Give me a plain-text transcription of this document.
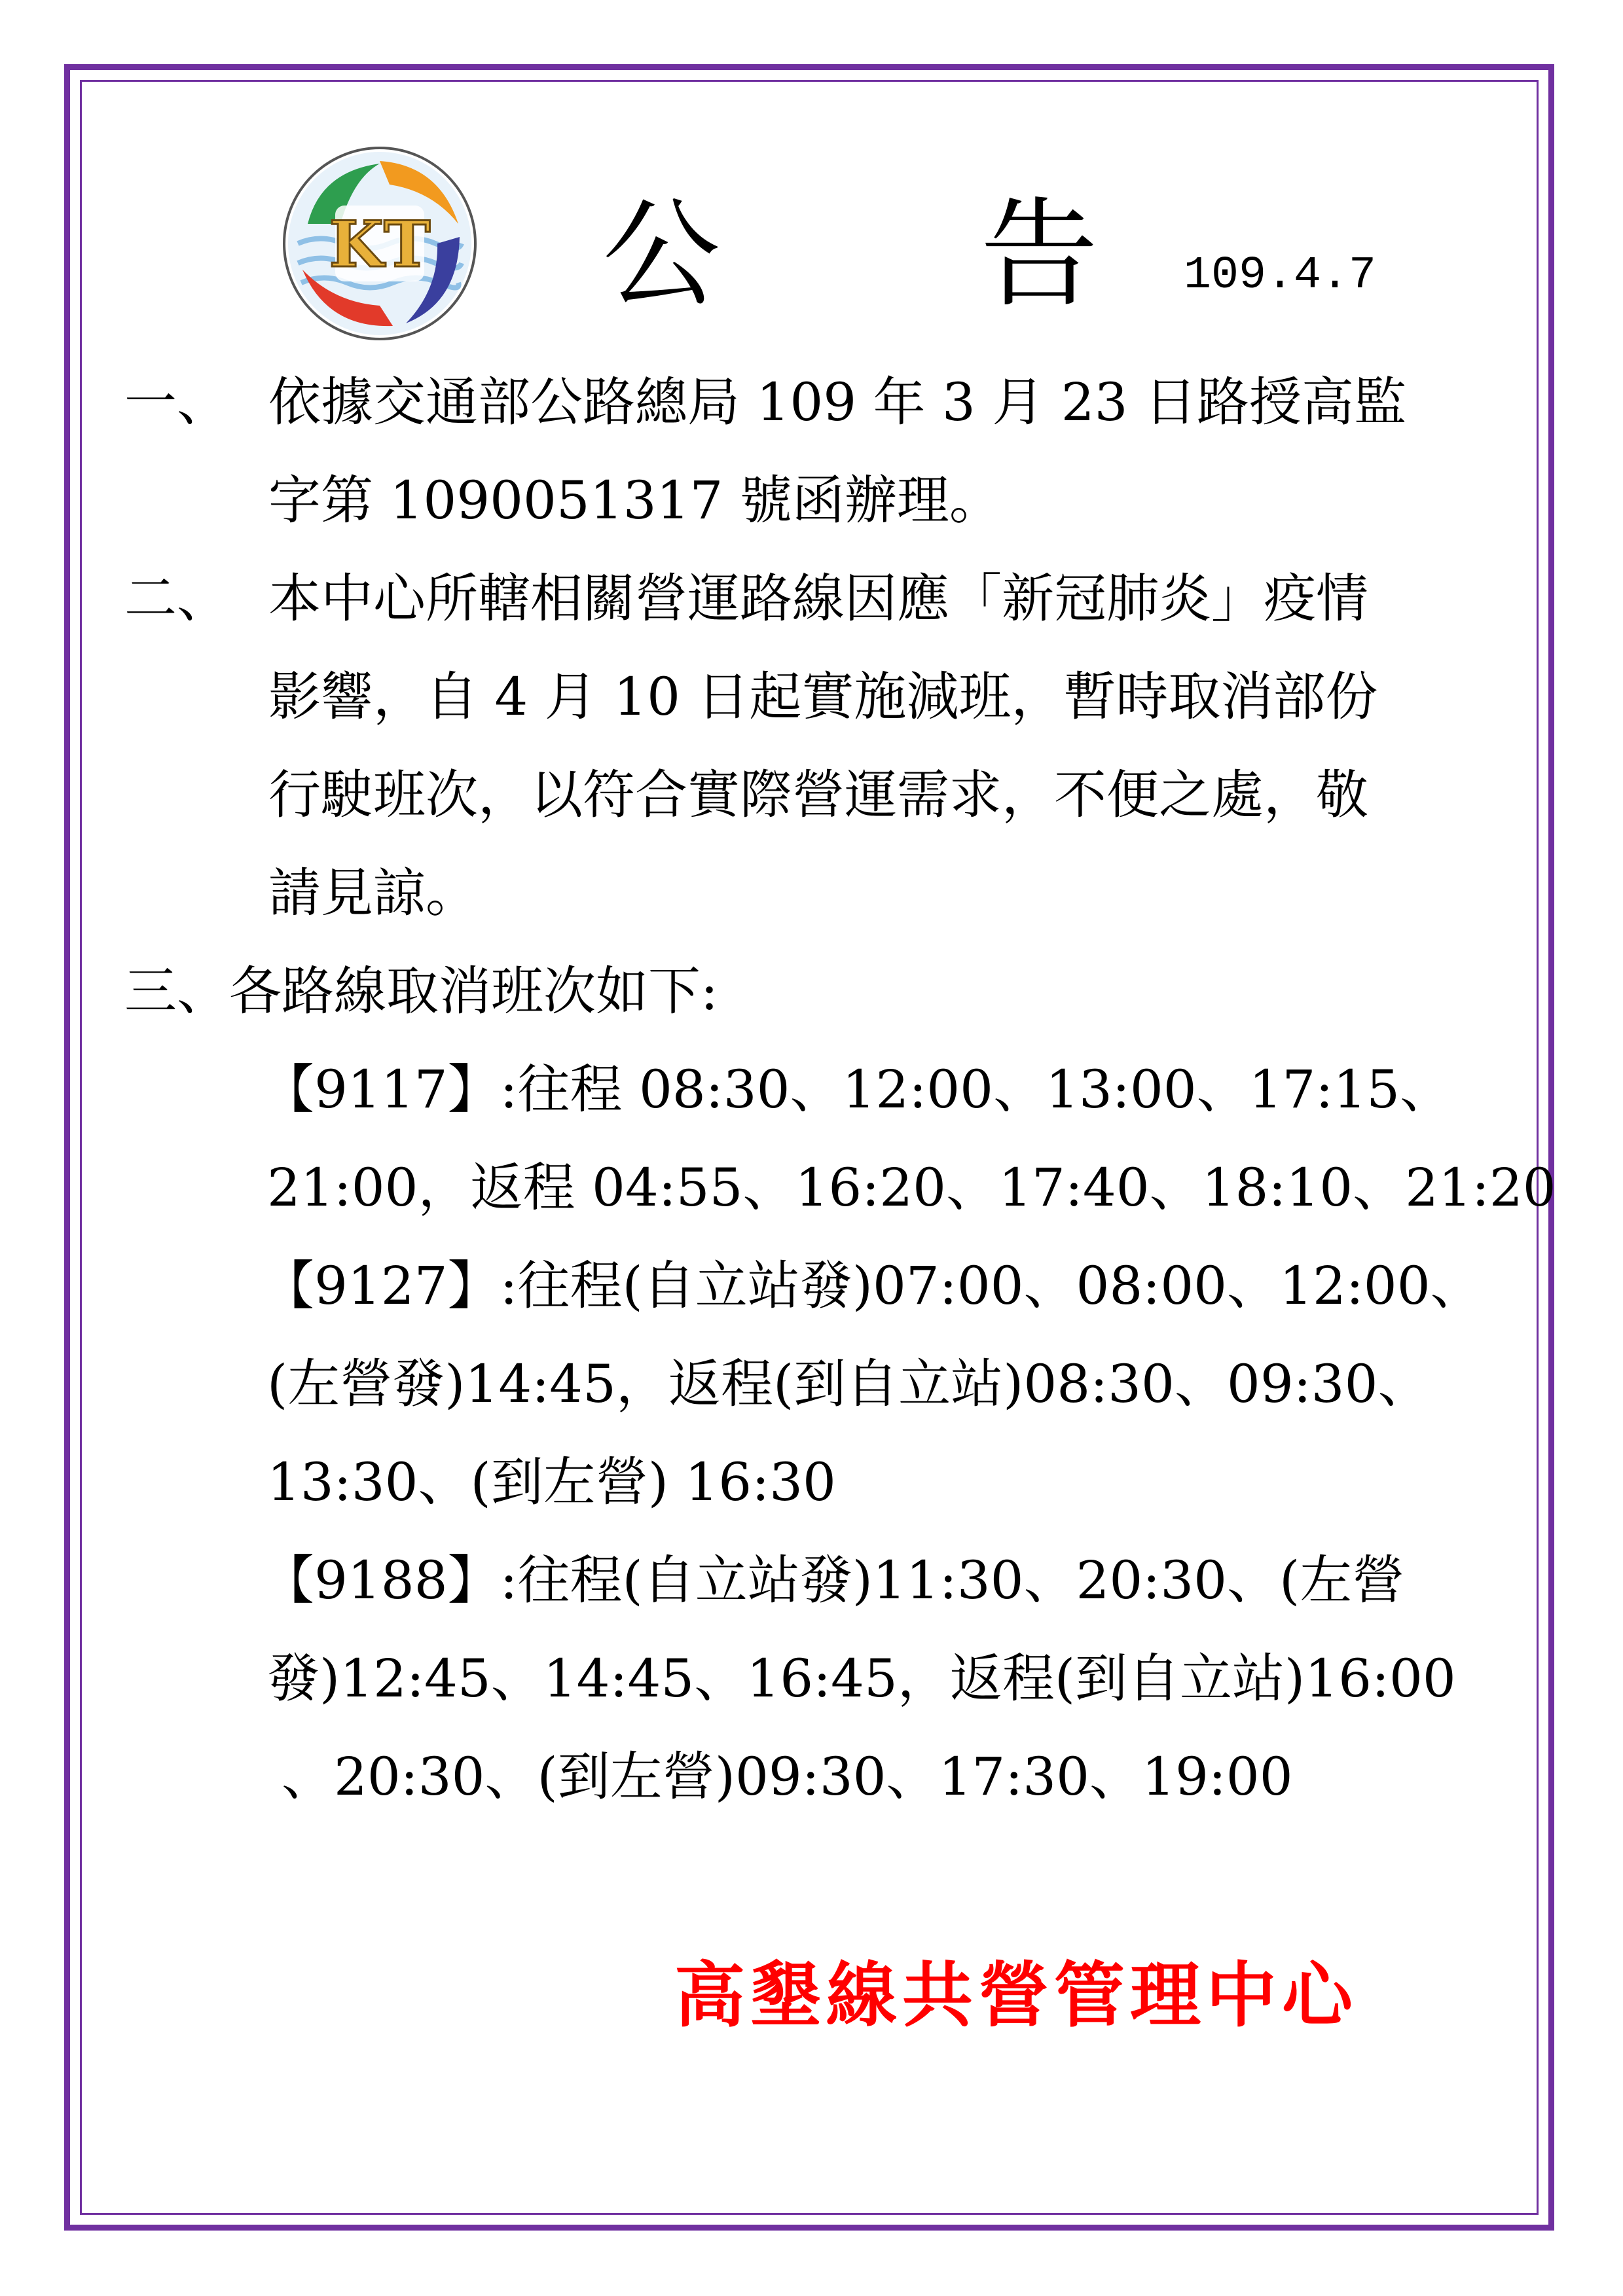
KT 公 告
109.4.7
一、 依據交通部公路總局 109 年 3 月 23 日路授高監
字第 1090051317 號函辦理。
二、 本中心所轄相關營運路線因應「新冠肺炎」疫情
影響，自 4 月 10 日起實施減班，暫時取消部份
行駛班次，以符合實際營運需求，不便之處，敬
請見諒。
三、各路線取消班次如下:
【9117】:往程 08:30、12:00、13:00、17:15、
21:00，返程 04:55、16:20、17:40、18:10、21:20
【9127】:往程(自立站發)07:00、08:00、12:00、
(左營發)14:45，返程(到自立站)08:30、09:30、
13:30、(到左營) 16:30
【9188】:往程(自立站發)11:30、20:30、(左營
發)12:45、14:45、16:45，返程(到自立站)16:00
、20:30、(到左營)09:30、17:30、19:00
高墾線共營管理中心
